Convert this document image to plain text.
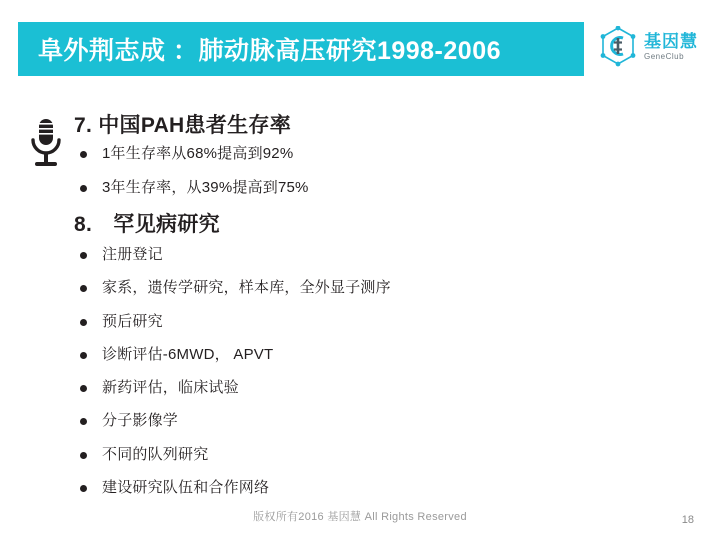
阜外荆志成 ：肺动脉高压研究1998-2006	基因慧
GeneClub
7. 中国PAH患者生存率
1年生存率从68%提高到92%
3年生存率，从39%提高到75%
8.　罕见病研究
注册登记
家系，遗传学研究，样本库，全外显子测序
预后研究
诊断评估-6MWD， APVT
新药评估，临床试验
分子影像学
不同的队列研究
建设研究队伍和合作网络
版权所有2016 基因慧 All Rights Reserved	18
